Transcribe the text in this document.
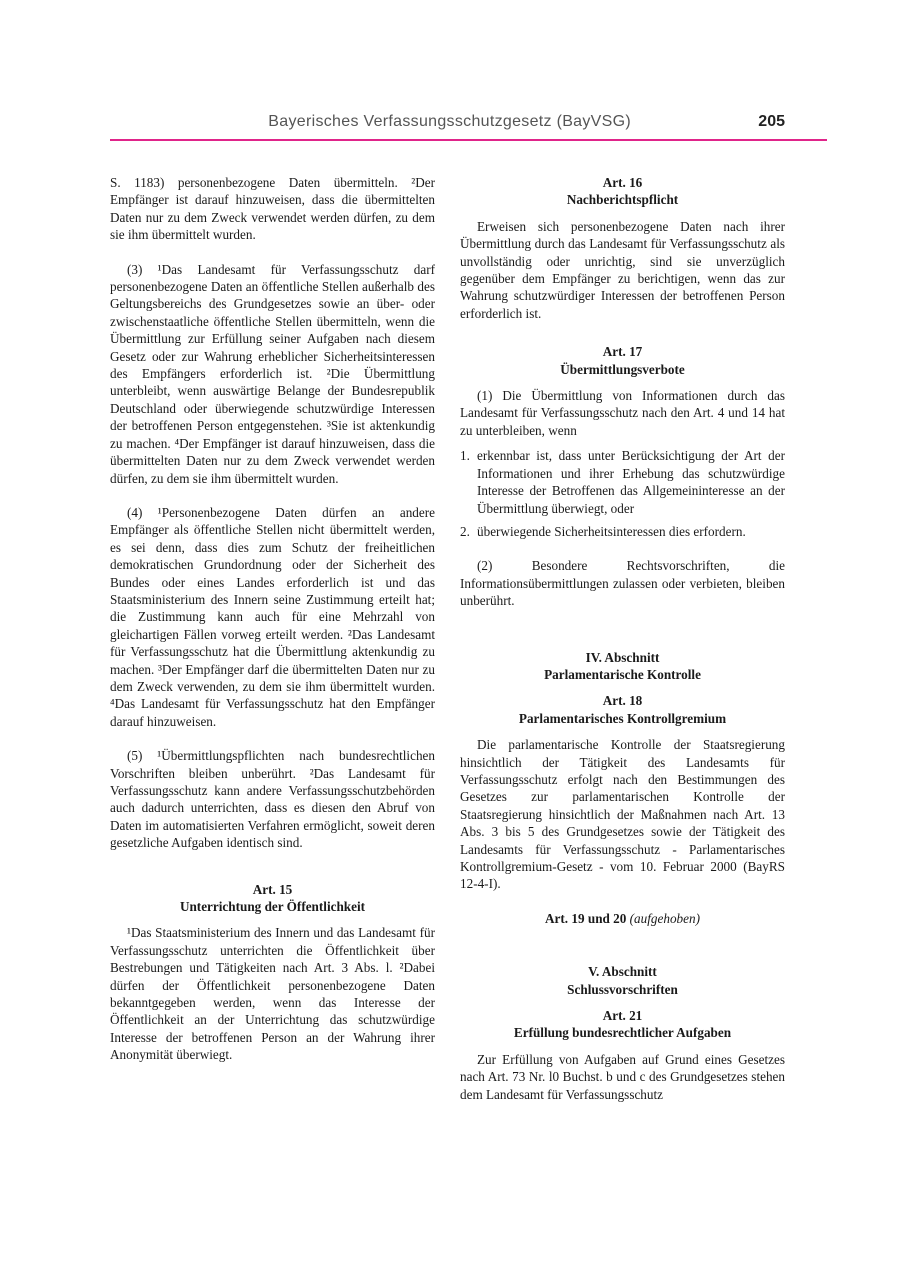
Bayerisches Verfassungsschutzgesetz (BayVSG)	205

S. 1183) personenbezogene Daten übermitteln. ²Der Empfänger ist darauf hinzuweisen, dass die übermittelten Daten nur zu dem Zweck verwendet werden dürfen, zu dem sie ihm übermittelt wurden.

(3) ¹Das Landesamt für Verfassungsschutz darf personenbezogene Daten an öffentliche Stellen außerhalb des Geltungsbereichs des Grundgesetzes sowie an über- oder zwischenstaatliche öffentliche Stellen übermitteln, wenn die Übermittlung zur Erfüllung seiner Aufgaben nach diesem Gesetz oder zur Wahrung erheblicher Sicherheitsinteressen des Empfängers erforderlich ist. ²Die Übermittlung unterbleibt, wenn auswärtige Belange der Bundesrepublik Deutschland oder überwiegende schutzwürdige Interessen der betroffenen Person entgegenstehen. ³Sie ist aktenkundig zu machen. ⁴Der Empfänger ist darauf hinzuweisen, dass die übermittelten Daten nur zu dem Zweck verwendet werden dürfen, zu dem sie ihm übermittelt wurden.

(4) ¹Personenbezogene Daten dürfen an andere Empfänger als öffentliche Stellen nicht übermittelt werden, es sei denn, dass dies zum Schutz der freiheitlichen demokratischen Grundordnung oder der Sicherheit des Bundes oder eines Landes erforderlich ist und das Staatsministerium des Innern seine Zustimmung erteilt hat; die Zustimmung kann auch für eine Mehrzahl von gleichartigen Fällen vorweg erteilt werden. ²Das Landesamt für Verfassungsschutz hat die Übermittlung aktenkundig zu machen. ³Der Empfänger darf die übermittelten Daten nur zu dem Zweck verwenden, zu dem sie ihm übermittelt wurden. ⁴Das Landesamt für Verfassungsschutz hat den Empfänger darauf hinzuweisen.

(5) ¹Übermittlungspflichten nach bundesrechtlichen Vorschriften bleiben unberührt. ²Das Landesamt für Verfassungsschutz kann andere Verfassungsschutzbehörden auch dadurch unterrichten, dass es diesen den Abruf von Daten im automatisierten Verfahren ermöglicht, soweit deren gesetzliche Aufgaben identisch sind.

Art. 15

Unterrichtung der Öffentlichkeit

¹Das Staatsministerium des Innern und das Landesamt für Verfassungsschutz unterrichten die Öffentlichkeit über Bestrebungen und Tätigkeiten nach Art. 3 Abs. l. ²Dabei dürfen der Öffentlichkeit personenbezogene Daten bekanntgegeben werden, wenn das Interesse der Öffentlichkeit an der Unterrichtung das schutzwürdige Interesse der betroffenen Person an der Wahrung ihrer Anonymität überwiegt.

Art. 16

Nachberichtspflicht

Erweisen sich personenbezogene Daten nach ihrer Übermittlung durch das Landesamt für Verfassungsschutz als unvollständig oder unrichtig, sind sie unverzüglich gegenüber dem Empfänger zu berichtigen, wenn das zur Wahrung schutzwürdiger Interessen der betroffenen Person erforderlich ist.

Art. 17

Übermittlungsverbote

(1) Die Übermittlung von Informationen durch das Landesamt für Verfassungsschutz nach den Art. 4 und 14 hat zu unterbleiben, wenn

1. erkennbar ist, dass unter Berücksichtigung der Art der Informationen und ihrer Erhebung das schutzwürdige Interesse der Betroffenen das Allgemeininteresse an der Übermittlung überwiegt, oder
2. überwiegende Sicherheitsinteressen dies erfordern.

(2) Besondere Rechtsvorschriften, die Informationsübermittlungen zulassen oder verbieten, bleiben unberührt.

IV. Abschnitt

Parlamentarische Kontrolle

Art. 18

Parlamentarisches Kontrollgremium

Die parlamentarische Kontrolle der Staatsregierung hinsichtlich der Tätigkeit des Landesamts für Verfassungsschutz erfolgt nach den Bestimmungen des Gesetzes zur parlamentarischen Kontrolle der Staatsregierung hinsichtlich der Maßnahmen nach Art. 13 Abs. 3 bis 5 des Grundgesetzes sowie der Tätigkeit des Landesamts für Verfassungsschutz - Parlamentarisches Kontrollgremium-Gesetz - vom 10. Februar 2000 (BayRS 12-4-I).

Art. 19 und 20 (aufgehoben)

V. Abschnitt

Schlussvorschriften

Art. 21

Erfüllung bundesrechtlicher Aufgaben

Zur Erfüllung von Aufgaben auf Grund eines Gesetzes nach Art. 73 Nr. l0 Buchst. b und c des Grundgesetzes stehen dem Landesamt für Verfassungsschutz
